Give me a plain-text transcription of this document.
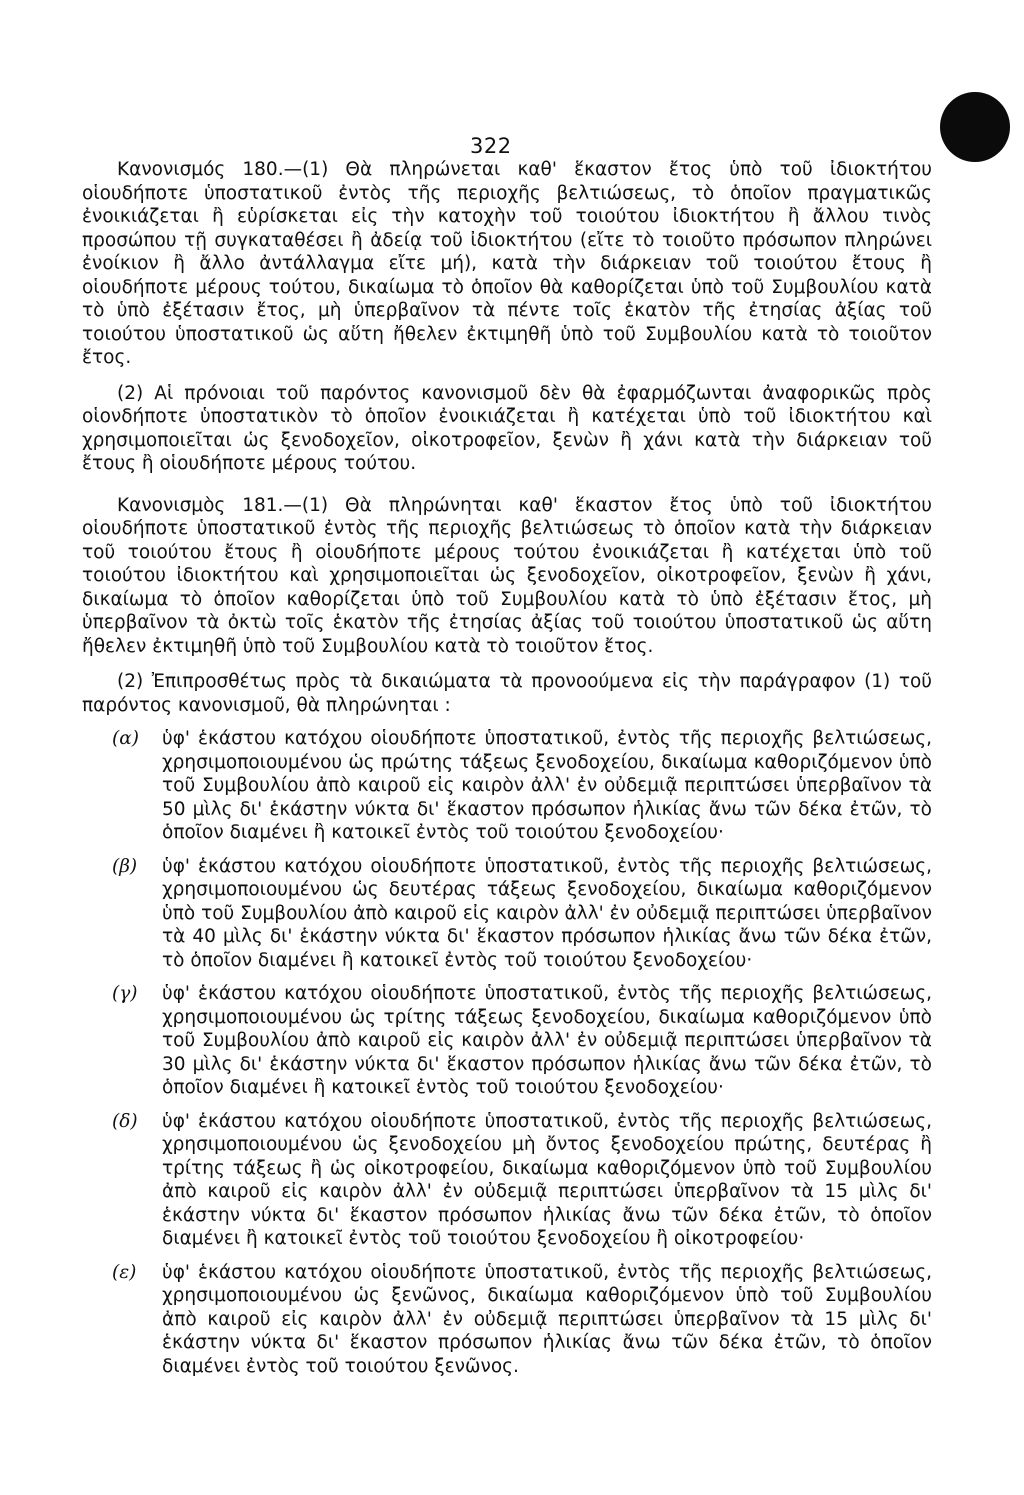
322

Κανονισμός 180.—(1) Θὰ πληρώνεται καθ' ἕκαστον ἔτος ὑπὸ τοῦ ἰδιοκτήτου οἱουδήποτε ὑποστατικοῦ ἐντὸς τῆς περιοχῆς βελτιώσεως, τὸ ὁποῖον πραγματικῶς ἐνοικιάζεται ἢ εὑρίσκεται εἰς τὴν κατοχὴν τοῦ τοιούτου ἰδιοκτήτου ἢ ἄλλου τινὸς προσώπου τῇ συγκαταθέσει ἢ ἀδείᾳ τοῦ ἰδιοκτήτου (εἴτε τὸ τοιοῦτο πρόσωπον πληρώνει ἐνοίκιον ἢ ἄλλο ἀντάλλαγμα εἴτε μή), κατὰ τὴν διάρκειαν τοῦ τοιούτου ἔτους ἢ οἱουδήποτε μέρους τούτου, δικαίωμα τὸ ὁποῖον θὰ καθορίζεται ὑπὸ τοῦ Συμβουλίου κατὰ τὸ ὑπὸ ἐξέτασιν ἔτος, μὴ ὑπερβαῖνον τὰ πέντε τοῖς ἑκατὸν τῆς ἐτησίας ἀξίας τοῦ τοιούτου ὑποστατικοῦ ὡς αὕτη ἤθελεν ἐκτιμηθῆ ὑπὸ τοῦ Συμβουλίου κατὰ τὸ τοιοῦτον ἔτος.

(2) Αἱ πρόνοιαι τοῦ παρόντος κανονισμοῦ δὲν θὰ ἐφαρμόζωνται ἀναφορικῶς πρὸς οἱονδήποτε ὑποστατικὸν τὸ ὁποῖον ἐνοικιάζεται ἢ κατέχεται ὑπὸ τοῦ ἰδιοκτήτου καὶ χρησιμοποιεῖται ὡς ξενοδοχεῖον, οἰκοτροφεῖον, ξενὼν ἢ χάνι κατὰ τὴν διάρκειαν τοῦ ἔτους ἢ οἱουδήποτε μέρους τούτου.

Κανονισμὸς 181.—(1) Θὰ πληρώνηται καθ' ἕκαστον ἔτος ὑπὸ τοῦ ἰδιοκτήτου οἱουδήποτε ὑποστατικοῦ ἐντὸς τῆς περιοχῆς βελτιώσεως τὸ ὁποῖον κατὰ τὴν διάρκειαν τοῦ τοιούτου ἔτους ἢ οἱουδήποτε μέρους τούτου ἐνοικιάζεται ἢ κατέχεται ὑπὸ τοῦ τοιούτου ἰδιοκτήτου καὶ χρησιμοποιεῖται ὡς ξενοδοχεῖον, οἰκοτροφεῖον, ξενὼν ἢ χάνι, δικαίωμα τὸ ὁποῖον καθορίζεται ὑπὸ τοῦ Συμβουλίου κατὰ τὸ ὑπὸ ἐξέτασιν ἔτος, μὴ ὑπερβαῖνον τὰ ὀκτὼ τοῖς ἑκατὸν τῆς ἐτησίας ἀξίας τοῦ τοιούτου ὑποστατικοῦ ὡς αὕτη ἤθελεν ἐκτιμηθῆ ὑπὸ τοῦ Συμβουλίου κατὰ τὸ τοιοῦτον ἔτος.

(2) Ἐπιπροσθέτως πρὸς τὰ δικαιώματα τὰ προνοούμενα εἰς τὴν παράγραφον (1) τοῦ παρόντος κανονισμοῦ, θὰ πληρώνηται :

(α) ὑφ' ἑκάστου κατόχου οἱουδήποτε ὑποστατικοῦ, ἐντὸς τῆς περιοχῆς βελτιώσεως, χρησιμοποιουμένου ὡς πρώτης τάξεως ξενοδοχείου, δικαίωμα καθοριζόμενον ὑπὸ τοῦ Συμβουλίου ἀπὸ καιροῦ εἰς καιρὸν ἀλλ' ἐν οὐδεμιᾷ περιπτώσει ὑπερβαῖνον τὰ 50 μὶλς δι' ἑκάστην νύκτα δι' ἕκαστον πρόσωπον ἡλικίας ἄνω τῶν δέκα ἐτῶν, τὸ ὁποῖον διαμένει ἢ κατοικεῖ ἐντὸς τοῦ τοιούτου ξενοδοχείου·

(β) ὑφ' ἑκάστου κατόχου οἱουδήποτε ὑποστατικοῦ, ἐντὸς τῆς περιοχῆς βελτιώσεως, χρησιμοποιουμένου ὡς δευτέρας τάξεως ξενοδοχείου, δικαίωμα καθοριζόμενον ὑπὸ τοῦ Συμβουλίου ἀπὸ καιροῦ εἰς καιρὸν ἀλλ' ἐν οὐδεμιᾷ περιπτώσει ὑπερβαῖνον τὰ 40 μὶλς δι' ἑκάστην νύκτα δι' ἕκαστον πρόσωπον ἡλικίας ἄνω τῶν δέκα ἐτῶν, τὸ ὁποῖον διαμένει ἢ κατοικεῖ ἐντὸς τοῦ τοιούτου ξενοδοχείου·

(γ) ὑφ' ἑκάστου κατόχου οἱουδήποτε ὑποστατικοῦ, ἐντὸς τῆς περιοχῆς βελτιώσεως, χρησιμοποιουμένου ὡς τρίτης τάξεως ξενοδοχείου, δικαίωμα καθοριζόμενον ὑπὸ τοῦ Συμβουλίου ἀπὸ καιροῦ εἰς καιρὸν ἀλλ' ἐν οὐδεμιᾷ περιπτώσει ὑπερβαῖνον τὰ 30 μὶλς δι' ἑκάστην νύκτα δι' ἕκαστον πρόσωπον ἡλικίας ἄνω τῶν δέκα ἐτῶν, τὸ ὁποῖον διαμένει ἢ κατοικεῖ ἐντὸς τοῦ τοιούτου ξενοδοχείου·

(δ) ὑφ' ἑκάστου κατόχου οἱουδήποτε ὑποστατικοῦ, ἐντὸς τῆς περιοχῆς βελτιώσεως, χρησιμοποιουμένου ὡς ξενοδοχείου μὴ ὄντος ξενοδοχείου πρώτης, δευτέρας ἢ τρίτης τάξεως ἢ ὡς οἰκοτροφείου, δικαίωμα καθοριζόμενον ὑπὸ τοῦ Συμβουλίου ἀπὸ καιροῦ εἰς καιρὸν ἀλλ' ἐν οὐδεμιᾷ περιπτώσει ὑπερβαῖνον τὰ 15 μὶλς δι' ἑκάστην νύκτα δι' ἕκαστον πρόσωπον ἡλικίας ἄνω τῶν δέκα ἐτῶν, τὸ ὁποῖον διαμένει ἢ κατοικεῖ ἐντὸς τοῦ τοιούτου ξενοδοχείου ἢ οἰκοτροφείου·

(ε) ὑφ' ἑκάστου κατόχου οἱουδήποτε ὑποστατικοῦ, ἐντὸς τῆς περιοχῆς βελτιώσεως, χρησιμοποιουμένου ὡς ξενῶνος, δικαίωμα καθοριζόμενον ὑπὸ τοῦ Συμβουλίου ἀπὸ καιροῦ εἰς καιρὸν ἀλλ' ἐν οὐδεμιᾷ περιπτώσει ὑπερβαῖνον τὰ 15 μὶλς δι' ἑκάστην νύκτα δι' ἕκαστον πρόσωπον ἡλικίας ἄνω τῶν δέκα ἐτῶν, τὸ ὁποῖον διαμένει ἐντὸς τοῦ τοιούτου ξενῶνος.
